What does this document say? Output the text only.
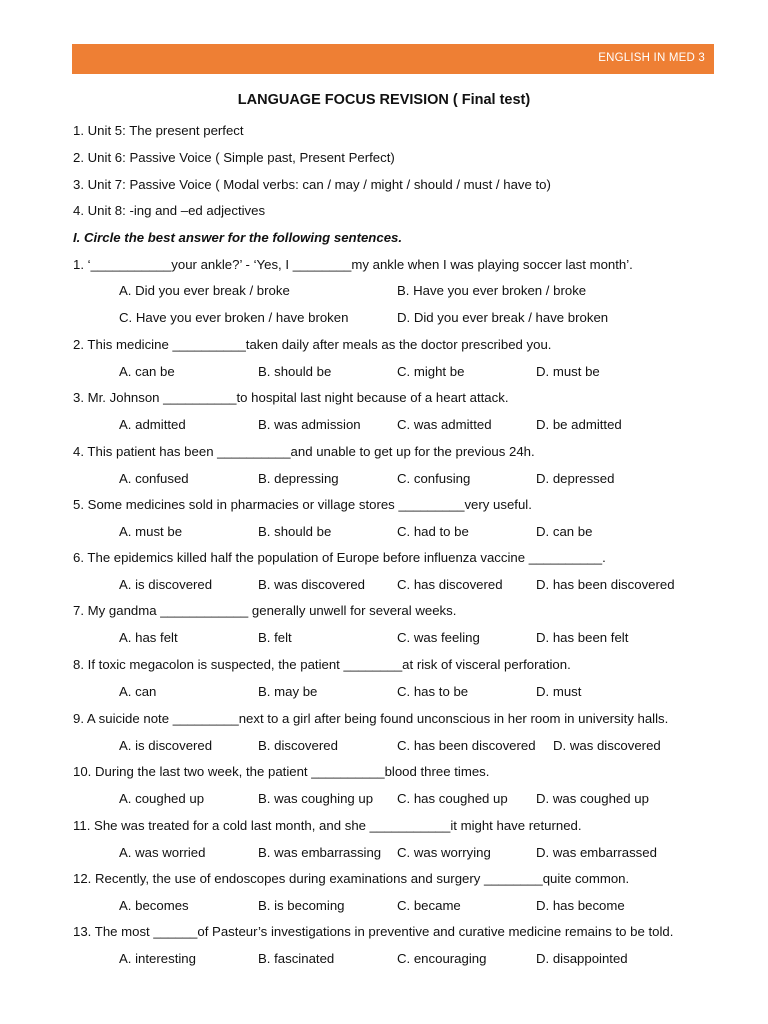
ENGLISH IN MED 3
LANGUAGE FOCUS REVISION ( Final test)
1. Unit 5: The present perfect
2. Unit 6: Passive Voice ( Simple past, Present Perfect)
3. Unit 7: Passive Voice ( Modal verbs: can / may / might / should / must / have to)
4. Unit 8: -ing and –ed adjectives
I. Circle the best answer for the following sentences.
1. ‘___________your ankle?’ - ‘Yes, I ________my ankle when I was playing soccer last month’.
A. Did you ever break / broke	B. Have you ever broken / broke
C. Have you ever broken / have broken	D. Did you ever break / have broken
2. This medicine __________taken daily after meals as the doctor prescribed you.
A. can be	B. should be	C. might be	D. must be
3. Mr. Johnson __________to hospital last night because of a heart attack.
A. admitted	B. was admission	C. was admitted	D. be admitted
4. This patient has been __________and unable to get up for the previous 24h.
A. confused	B. depressing	C. confusing	D. depressed
5. Some medicines sold in pharmacies or village stores _________very useful.
A. must be	B. should be	C. had to be	D. can be
6. The epidemics killed half the population of Europe before influenza vaccine __________.
A. is discovered	B. was discovered C. has discovered	D. has been discovered
7. My gandma ____________ generally unwell for several weeks.
A. has felt	B. felt	C. was feeling	D. has been felt
8. If toxic megacolon is suspected, the patient ________at risk of visceral perforation.
A. can	B. may be	C. has to be	D. must
9. A suicide note _________next to a girl after being found unconscious in her room in university halls.
A. is discovered	B. discovered	C. has been discovered D. was discovered
10. During the last two week, the patient __________blood three times.
A. coughed up	B. was coughing up C. has coughed up D. was coughed up
11. She was treated for a cold last month, and she ___________it might have returned.
A. was worried	B. was embarrassing C. was worrying	D. was embarrassed
12. Recently, the use of endoscopes during examinations and surgery ________quite common.
A. becomes	B. is becoming	C. became	D. has become
13. The most ______of Pasteur’s investigations in preventive and curative medicine remains to be told.
A. interesting	B. fascinated	C. encouraging	D. disappointed
